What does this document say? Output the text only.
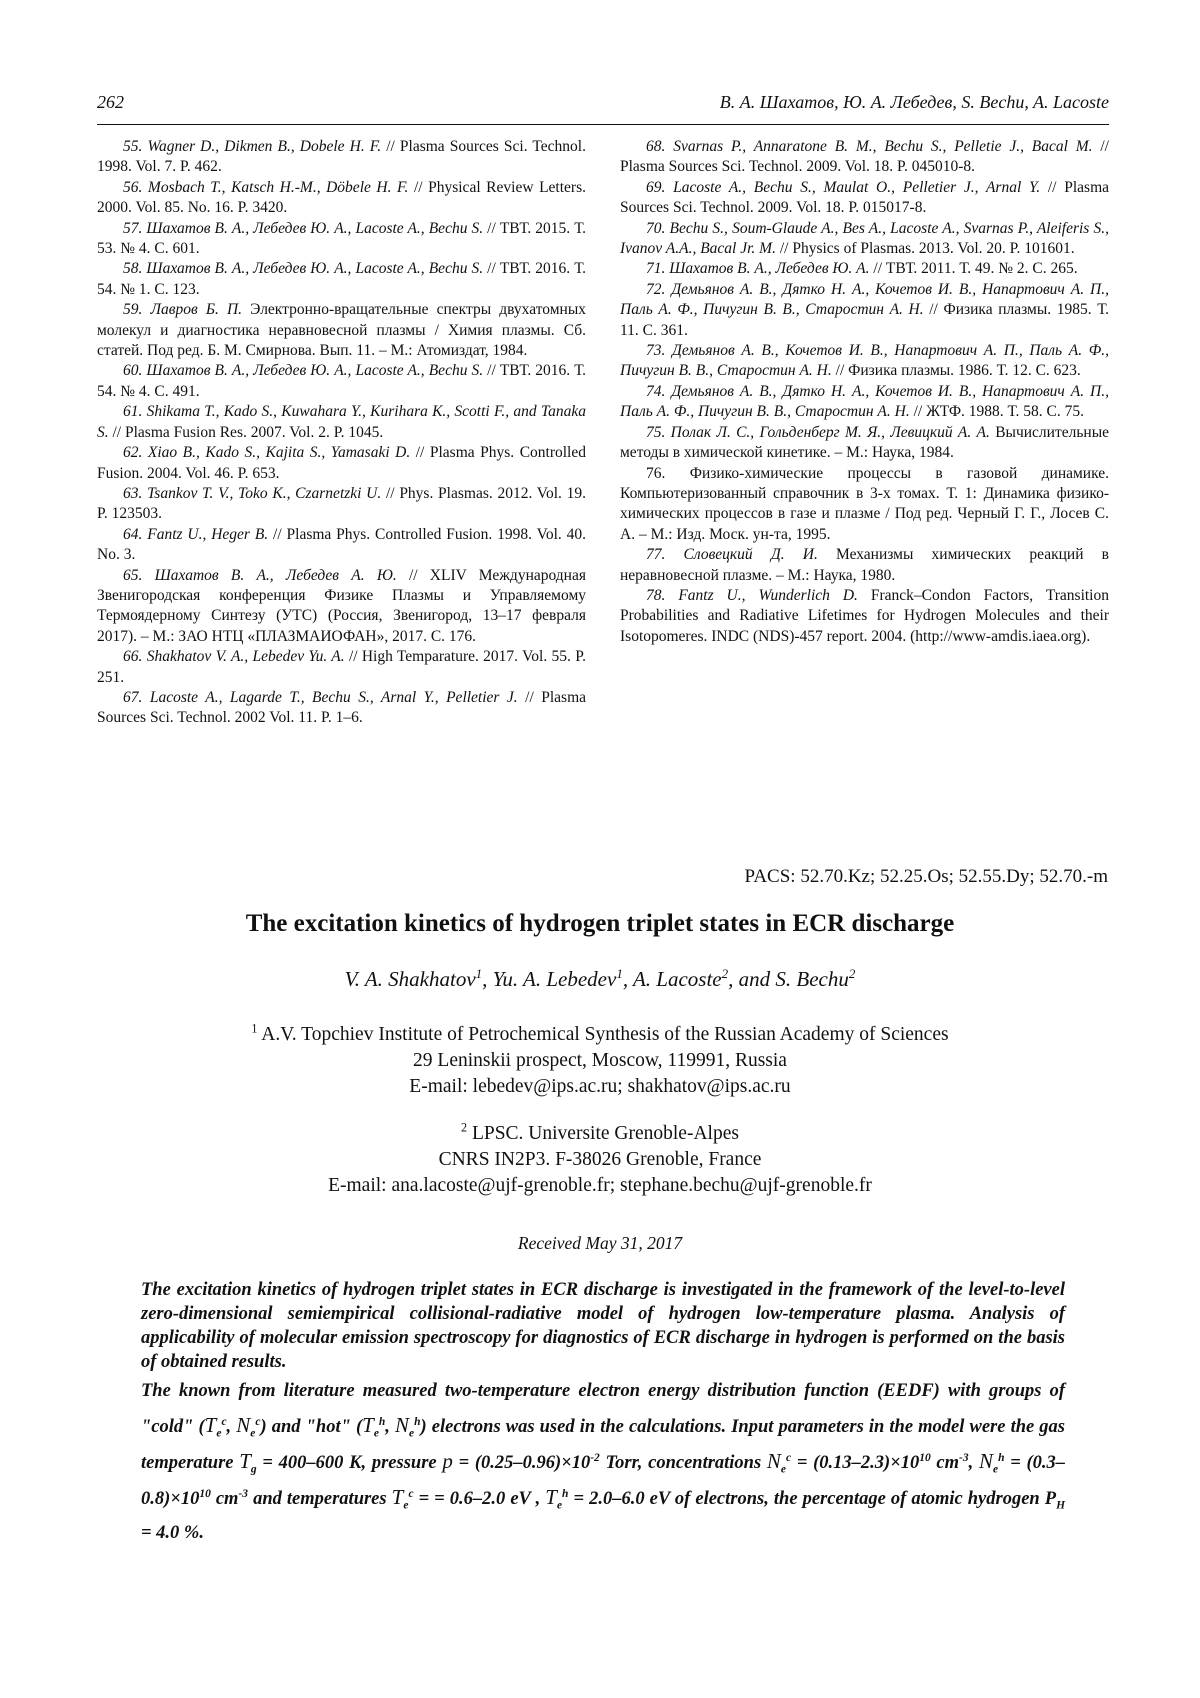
262	В. А. Шахатов, Ю. А. Лебедев, S. Bechu, A. Lacoste

55. Wagner D., Dikmen B., Dobele H. F. // Plasma Sources Sci. Technol. 1998. Vol. 7. P. 462.

56. Mosbach T., Katsch H.-M., Döbele H. F. // Physical Review Letters. 2000. Vol. 85. No. 16. P. 3420.

57. Шахатов В. А., Лебедев Ю. А., Lacoste A., Bechu S. // ТВТ. 2015. Т. 53. № 4. С. 601.

58. Шахатов В. А., Лебедев Ю. А., Lacoste A., Bechu S. // ТВТ. 2016. Т. 54. № 1. С. 123.

59. Лавров Б. П. Электронно-вращательные спектры двухатомных молекул и диагностика неравновесной плазмы / Химия плазмы. Сб. статей. Под ред. Б. М. Смирнова. Вып. 11. – М.: Атомиздат, 1984.

60. Шахатов В. А., Лебедев Ю. А., Lacoste A., Bechu S. // ТВТ. 2016. Т. 54. № 4. С. 491.

61. Shikama T., Kado S., Kuwahara Y., Kurihara K., Scotti F., and Tanaka S. // Plasma Fusion Res. 2007. Vol. 2. P. 1045.

62. Xiao B., Kado S., Kajita S., Yamasaki D. // Plasma Phys. Controlled Fusion. 2004. Vol. 46. P. 653.

63. Tsankov T. V., Toko K., Czarnetzki U. // Phys. Plasmas. 2012. Vol. 19. P. 123503.

64. Fantz U., Heger B. // Plasma Phys. Controlled Fusion. 1998. Vol. 40. No. 3.

65. Шахатов В. А., Лебедев А. Ю. // XLIV Международная Звенигородская конференция Физике Плазмы и Управляемому Термоядерному Синтезу (УТС) (Россия, Звенигород, 13–17 февраля 2017). – М.: ЗАО НТЦ «ПЛАЗМАИОФАН», 2017. С. 176.

66. Shakhatov V. A., Lebedev Yu. A. // High Temparature. 2017. Vol. 55. P. 251.

67. Lacoste A., Lagarde T., Bechu S., Arnal Y., Pelletier J. // Plasma Sources Sci. Technol. 2002 Vol. 11. P. 1–6.

68. Svarnas P., Annaratone B. M., Bechu S., Pelletie J., Bacal M. // Plasma Sources Sci. Technol. 2009. Vol. 18. P. 045010-8.

69. Lacoste A., Bechu S., Maulat O., Pelletier J., Arnal Y. // Plasma Sources Sci. Technol. 2009. Vol. 18. P. 015017-8.

70. Bechu S., Soum-Glaude A., Bes A., Lacoste A., Svarnas P., Aleiferis S., Ivanov A.A., Bacal Jr. M. // Physics of Plasmas. 2013. Vol. 20. P. 101601.

71. Шахатов В. А., Лебедев Ю. А. // ТВТ. 2011. Т. 49. № 2. С. 265.

72. Демьянов А. В., Дятко Н. А., Кочетов И. В., Напартович А. П., Паль А. Ф., Пичугин В. В., Старостин А. Н. // Физика плазмы. 1985. Т. 11. С. 361.

73. Демьянов А. В., Кочетов И. В., Напартович А. П., Паль А. Ф., Пичугин В. В., Старостин А. Н. // Физика плазмы. 1986. Т. 12. С. 623.

74. Демьянов А. В., Дятко Н. А., Кочетов И. В., Напартович А. П., Паль А. Ф., Пичугин В. В., Старостин А. Н. // ЖТФ. 1988. Т. 58. С. 75.

75. Полак Л. С., Гольденберг М. Я., Левицкий А. А. Вычислительные методы в химической кинетике. – М.: Наука, 1984.

76. Физико-химические процессы в газовой динамике. Компьютеризованный справочник в 3-х томах. Т. 1: Динамика физико-химических процессов в газе и плазме / Под ред. Черный Г. Г., Лосев С. А. – М.: Изд. Моск. ун-та, 1995.

77. Словецкий Д. И. Механизмы химических реакций в неравновесной плазме. – М.: Наука, 1980.

78. Fantz U., Wunderlich D. Franck–Condon Factors, Transition Probabilities and Radiative Lifetimes for Hydrogen Molecules and their Isotopomeres. INDC (NDS)-457 report. 2004. (http://www-amdis.iaea.org).

PACS: 52.70.Kz; 52.25.Os; 52.55.Dy; 52.70.-m
The excitation kinetics of hydrogen triplet states in ECR discharge
V. A. Shakhatov$^1$, Yu. A. Lebedev$^1$, A. Lacoste$^2$, and S. Bechu$^2$

$^1$ A.V. Topchiev Institute of Petrochemical Synthesis of the Russian Academy of Sciences

29 Leninskii prospect, Moscow, 119991, Russia

E-mail: lebedev@ips.ac.ru; shakhatov@ips.ac.ru

$^2$ LPSC. Universite Grenoble-Alpes

CNRS IN2P3. F-38026 Grenoble, France

E-mail: ana.lacoste@ujf-grenoble.fr; stephane.bechu@ujf-grenoble.fr

Received May 31, 2017

The excitation kinetics of hydrogen triplet states in ECR discharge is investigated in the framework of the level-to-level zero-dimensional semiempirical collisional-radiative model of hydrogen low-temperature plasma. Analysis of applicability of molecular emission spectroscopy for diagnostics of ECR discharge in hydrogen is performed on the basis of obtained results.

The known from literature measured two-temperature electron energy distribution function (EEDF) with groups of "cold" ($T_e^c$, $N_e^c$) and "hot" ($T_e^h$, $N_e^h$) electrons was used in the calculations. Input parameters in the model were the gas temperature $T_g = 400-600$ K, pressure $p = (0.25-0.96)\times 10^{-2}$ Torr, concentrations $N_e^c = (0.13-2.3)\times 10^{10}$ $cm^{-3}$, $N_e^h = (0.3-0.8)\times 10^{10}$ $cm^{-3}$ and temperatures $T_e^c$ = = 0.6–2.0 eV , $T_e^h = 2.0-6.0$ eV of electrons, the percentage of atomic hydrogen $P_H = 4.0$ %.
